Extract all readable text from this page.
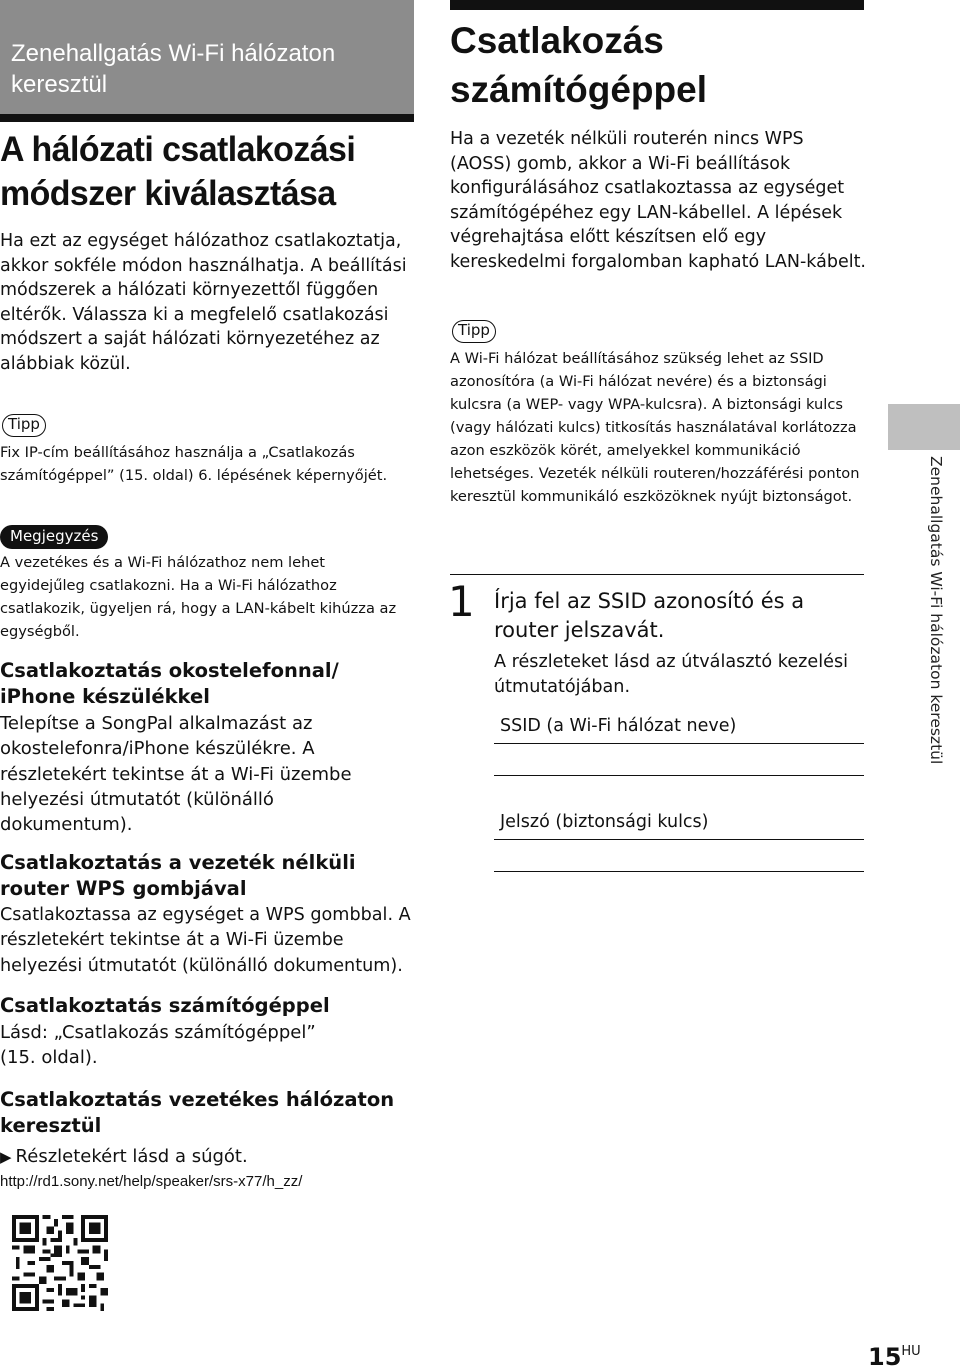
Zenehallgatás Wi-Fi hálózaton keresztül
A hálózati csatlakozási módszer kiválasztása
Ha ezt az egységet hálózathoz csatlakoztatja, akkor sokféle módon használhatja. A beállítási módszerek a hálózati környezettől függően eltérők. Válassza ki a megfelelő csatlakozási módszert a saját hálózati környezetéhez az alábbiak közül.
Tipp
Fix IP-cím beállításához használja a „Csatlakozás számítógéppel” (15. oldal) 6. lépésének képernyőjét.
Megjegyzés
A vezetékes és a Wi-Fi hálózathoz nem lehet egyidejűleg csatlakozni. Ha a Wi-Fi hálózathoz csatlakozik, ügyeljen rá, hogy a LAN-kábelt kihúzza az egységből.
Csatlakoztatás okostelefonnal/ iPhone készülékkel
Telepítse a SongPal alkalmazást az okostelefonra/iPhone készülékre. A részletekért tekintse át a Wi-Fi üzembe helyezési útmutatót (különálló dokumentum).
Csatlakoztatás a vezeték nélküli router WPS gombjával
Csatlakoztassa az egységet a WPS gombbal. A részletekért tekintse át a Wi-Fi üzembe helyezési útmutatót (különálló dokumentum).
Csatlakoztatás számítógéppel
Lásd: „Csatlakozás számítógéppel” (15. oldal).
Csatlakoztatás vezetékes hálózaton keresztül
▶ Részletekért lásd a súgót.
http://rd1.sony.net/help/speaker/srs-x77/h_zz/
Csatlakozás számítógéppel
Ha a vezeték nélküli routerén nincs WPS (AOSS) gomb, akkor a Wi-Fi beállítások konfigurálásához csatlakoztassa az egységet számítógépéhez egy LAN-kábellel. A lépések végrehajtása előtt készítsen elő egy kereskedelmi forgalomban kapható LAN-kábelt.
Tipp
A Wi-Fi hálózat beállításához szükség lehet az SSID azonosítóra (a Wi-Fi hálózat nevére) és a biztonsági kulcsra (a WEP- vagy WPA-kulcsra). A biztonsági kulcs (vagy hálózati kulcs) titkosítás használatával korlátozza azon eszközök körét, amelyekkel kommunikáció lehetséges. Vezeték nélküli routeren/hozzáférési ponton keresztül kommunikáló eszközöknek nyújt biztonságot.
1 Írja fel az SSID azonosító és a router jelszavát.
A részleteket lásd az útválasztó kezelési útmutatójában.
SSID (a Wi-Fi hálózat neve)
Jelszó (biztonsági kulcs)
Zenehallgatás Wi-Fi hálózaton keresztül
$15^{HU}$
